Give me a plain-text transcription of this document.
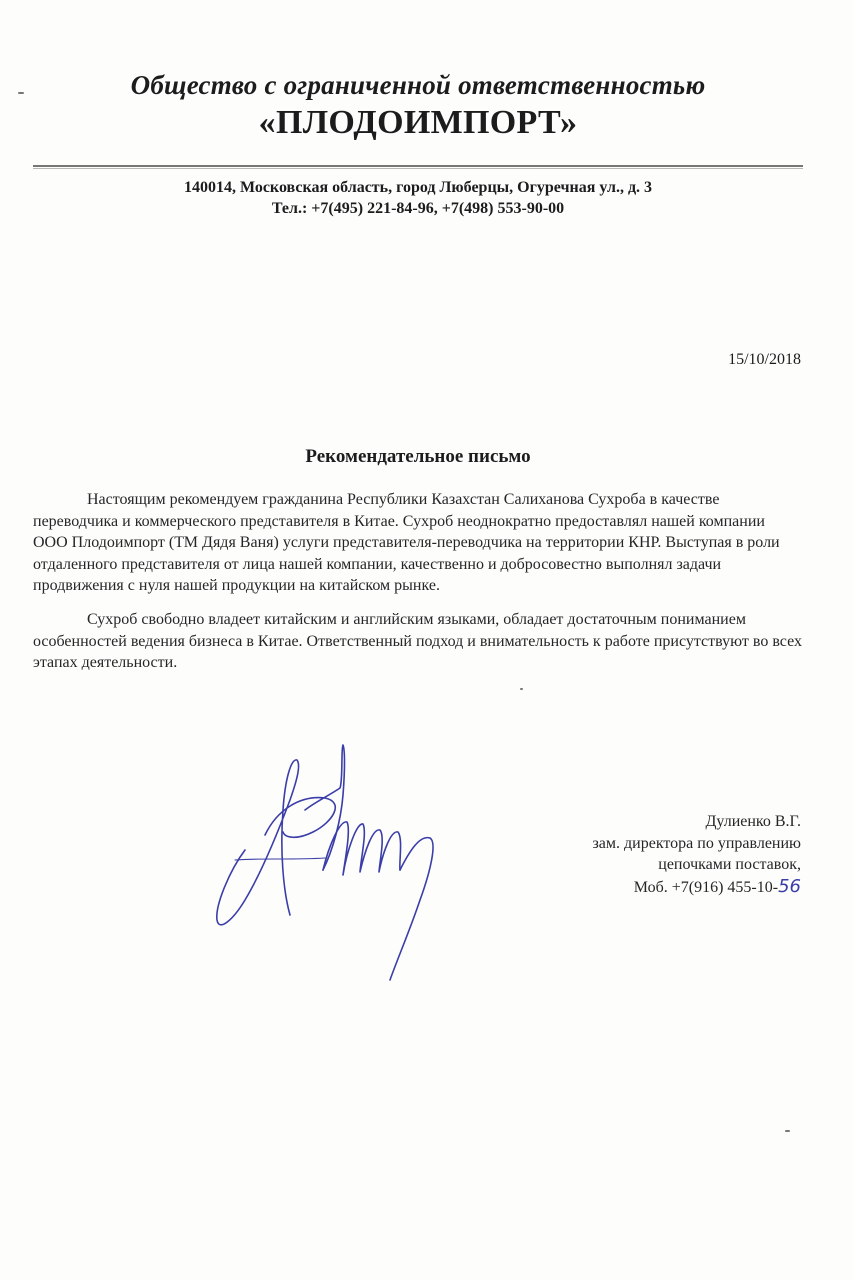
Общество с ограниченной ответственностью
«ПЛОДОИМПОРТ»
140014, Московская область, город Люберцы, Огуречная ул., д. 3
Тел.: +7(495) 221-84-96, +7(498) 553-90-00
15/10/2018
Рекомендательное письмо
Настоящим рекомендуем гражданина Республики Казахстан Салиханова Сухроба в качестве переводчика и коммерческого представителя в Китае. Сухроб неоднократно предоставлял нашей компании ООО Плодоимпорт (ТМ Дядя Ваня) услуги представителя-переводчика на территории КНР. Выступая в роли отдаленного представителя от лица нашей компании, качественно и добросовестно выполнял задачи продвижения с нуля нашей продукции на китайском рынке.
Сухроб свободно владеет китайским и английским языками, обладает достаточным пониманием особенностей ведения бизнеса в Китае. Ответственный подход и внимательность к работе присутствуют во всех этапах деятельности.
Дулиенко В.Г.
зам. директора по управлению
цепочками поставок,
Моб. +7(916) 455-10-56
